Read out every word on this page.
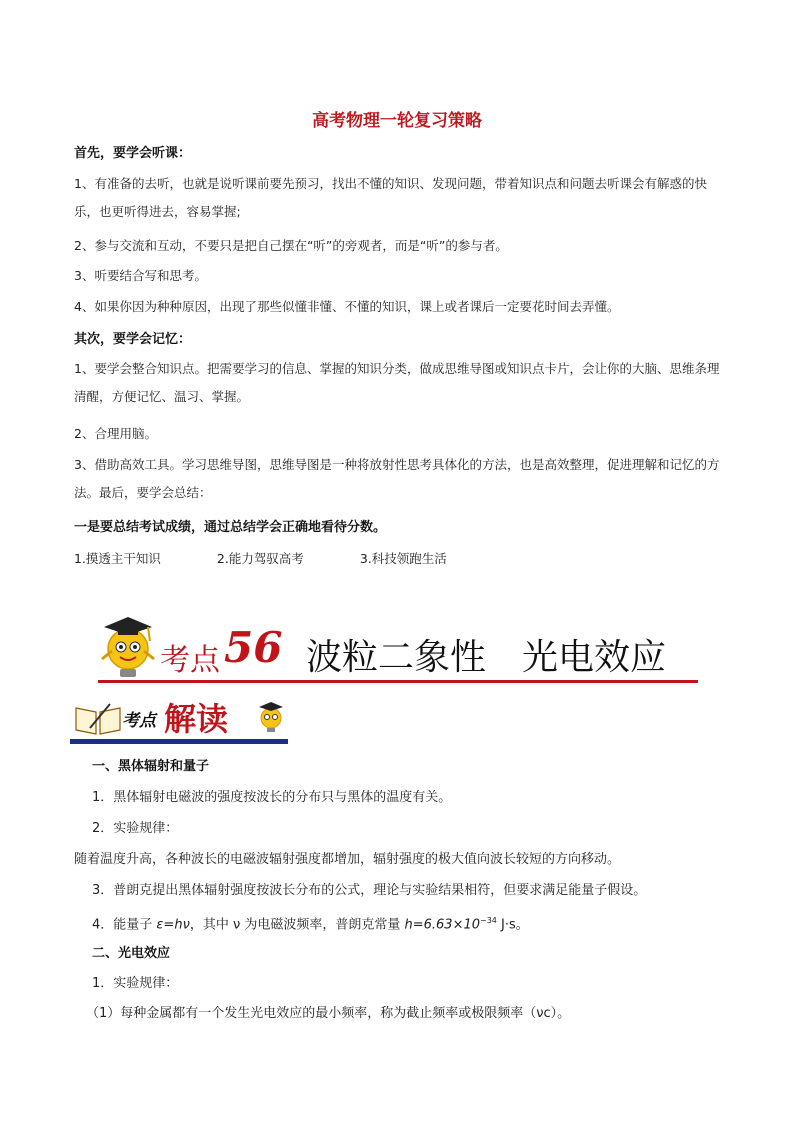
高考物理一轮复习策略
首先，要学会听课：
1、有准备的去听，也就是说听课前要先预习，找出不懂的知识、发现问题，带着知识点和问题去听课会有解惑的快乐，也更听得进去，容易掌握;
2、参与交流和互动，不要只是把自己摆在“听”的旁观者，而是“听”的参与者。
3、听要结合写和思考。
4、如果你因为种种原因，出现了那些似懂非懂、不懂的知识，课上或者课后一定要花时间去弄懂。
其次，要学会记忆：
1、要学会整合知识点。把需要学习的信息、掌握的知识分类，做成思维导图或知识点卡片，会让你的大脑、思维条理清醒，方便记忆、温习、掌握。
2、合理用脑。
3、借助高效工具。学习思维导图，思维导图是一种将放射性思考具体化的方法，也是高效整理，促进理解和记忆的方法。最后，要学会总结：
一是要总结考试成绩，通过总结学会正确地看待分数。
1.摸透主干知识	2.能力驾驭高考	3.科技领跑生活
考点 56 波粒二象性　光电效应
考点 解读
一、黑体辐射和量子
1．黑体辐射电磁波的强度按波长的分布只与黑体的温度有关。
2．实验规律：
随着温度升高，各种波长的电磁波辐射强度都增加，辐射强度的极大值向波长较短的方向移动。
3．普朗克提出黑体辐射强度按波长分布的公式，理论与实验结果相符，但要求满足能量子假设。
4．能量子 ε=hν，其中 ν 为电磁波频率，普朗克常量 $h=6.63\times 10^{-34}$ J·s。
二、光电效应
1．实验规律：
（1）每种金属都有一个发生光电效应的最小频率，称为截止频率或极限频率（νc）。
